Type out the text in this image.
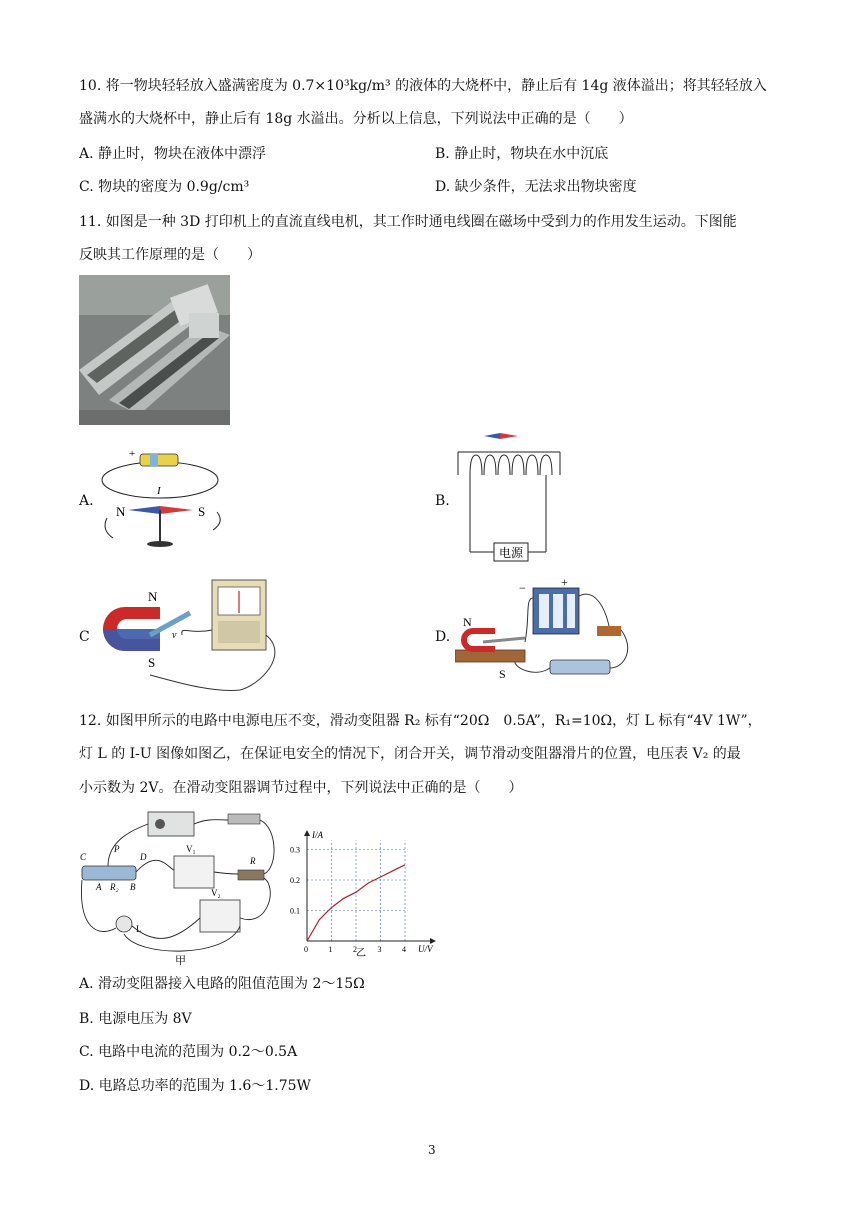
10. 将一物块轻轻放入盛满密度为 0.7×10³kg/m³ 的液体的大烧杯中，静止后有 14g 液体溢出；将其轻轻放入
盛满水的大烧杯中，静止后有 18g 水溢出。分析以上信息，下列说法中正确的是（　　）
A. 静止时，物块在液体中漂浮	B. 静止时，物块在水中沉底
C. 物块的密度为 0.9g/cm³	D. 缺少条件，无法求出物块密度
11. 如图是一种 3D 打印机上的直流直线电机，其工作时通电线圈在磁场中受到力的作用发生运动。下图能
反映其工作原理的是（　　）
A.
+
I
N	S
B.
电源
C
N
S
v	D.
N
S
−	+
12. 如图甲所示的电路中电源电压不变，滑动变阻器 R₂ 标有“20Ω　0.5A”，R₁=10Ω，灯 L 标有“4V 1W”，
灯 L 的 I-U 图像如图乙，在保证电安全的情况下，闭合开关，调节滑动变阻器滑片的位置，电压表 V₂ 的最
小示数为 2V。在滑动变阻器调节过程中，下列说法中正确的是（　　）
C
P
D
A	B
R₂
V₁
V₂
R
L
甲
0	1	2	3	4
0.1
0.2
0.3
I/A
U/V
乙
A. 滑动变阻器接入电路的阻值范围为 2～15Ω
B. 电源电压为 8V
C. 电路中电流的范围为 0.2～0.5A
D. 电路总功率的范围为 1.6～1.75W
3
